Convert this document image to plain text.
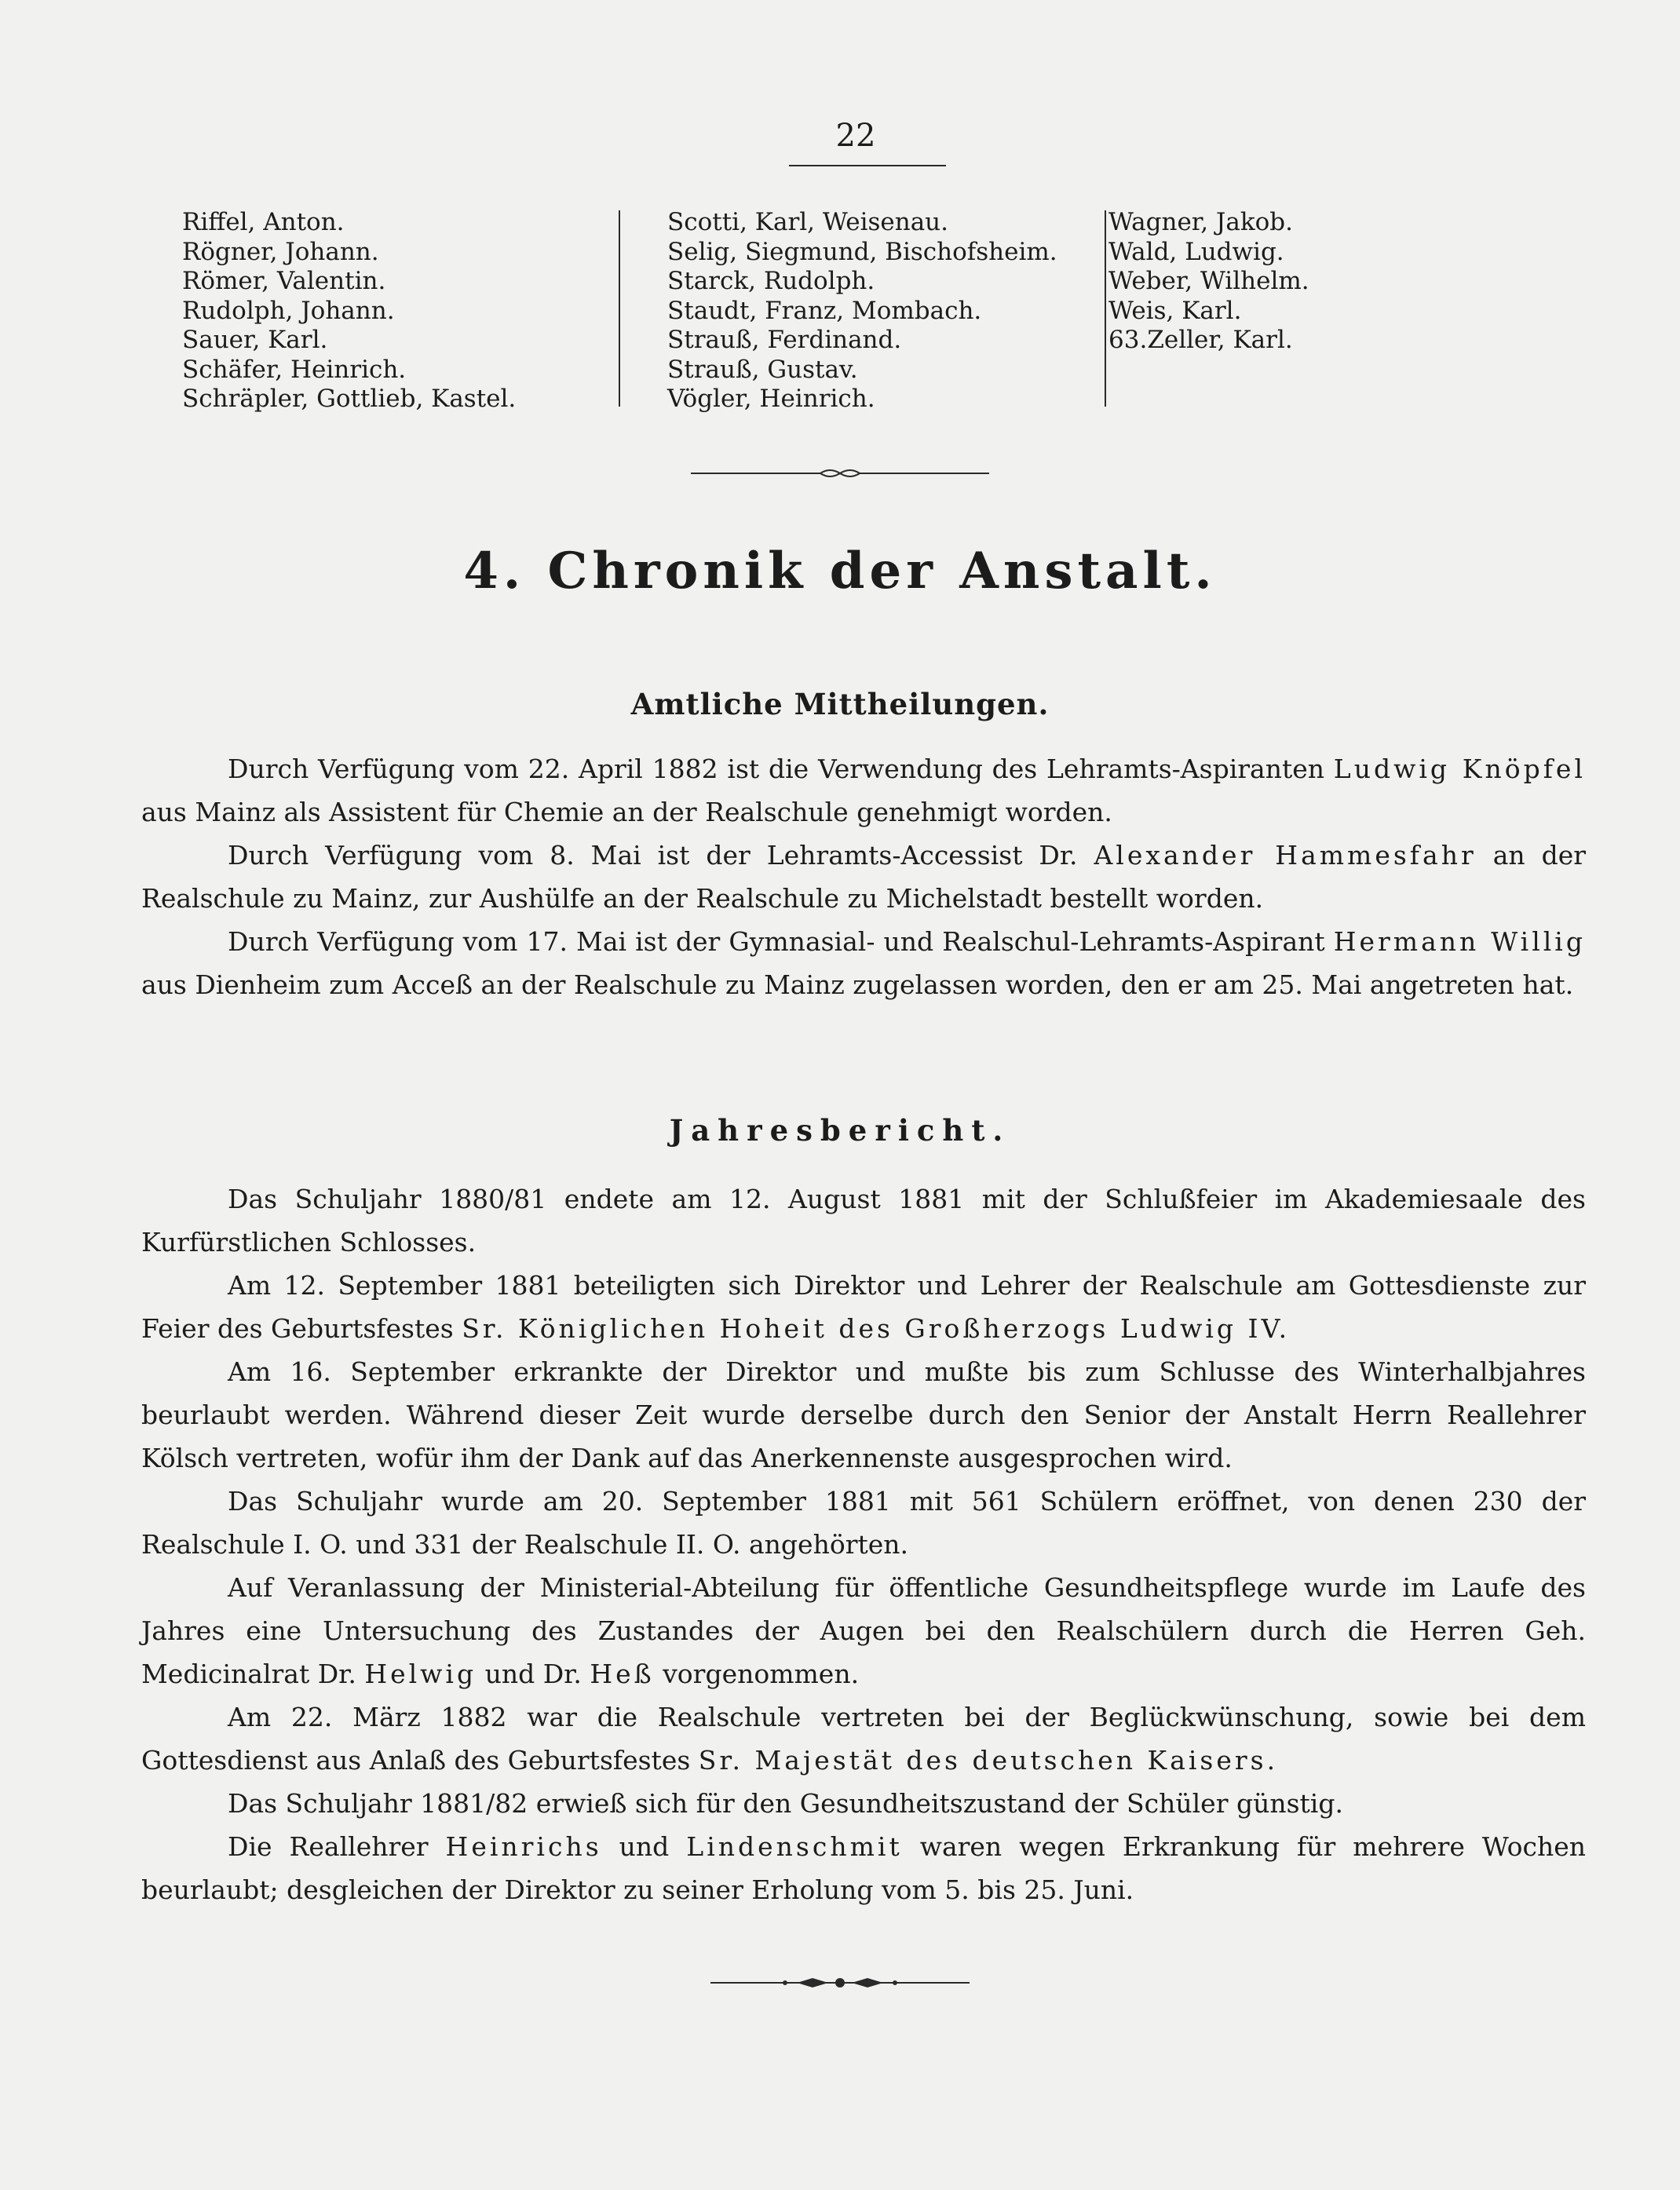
22
Riffel, Anton.
Rögner, Johann.
Römer, Valentin.
Rudolph, Johann.
Sauer, Karl.
Schäfer, Heinrich.
Schräpler, Gottlieb, Kastel.
Scotti, Karl, Weisenau.
Selig, Siegmund, Bischofsheim.
Starck, Rudolph.
Staudt, Franz, Mombach.
Strauß, Ferdinand.
Strauß, Gustav.
Vögler, Heinrich.
Wagner, Jakob.
Wald, Ludwig.
Weber, Wilhelm.
Weis, Karl.
63.Zeller, Karl.
4. Chronik der Anstalt.
Amtliche Mittheilungen.

Durch Verfügung vom 22. April 1882 ist die Verwendung des Lehramts-Aspiranten Ludwig Knöpfel aus Mainz als Assistent für Chemie an der Realschule genehmigt worden.

Durch Verfügung vom 8. Mai ist der Lehramts-Accessist Dr. Alexander Hammesfahr an der Realschule zu Mainz, zur Aushülfe an der Realschule zu Michelstadt bestellt worden.

Durch Verfügung vom 17. Mai ist der Gymnasial- und Realschul-Lehramts-Aspirant Hermann Willig aus Dienheim zum Acceß an der Realschule zu Mainz zugelassen worden, den er am 25. Mai angetreten hat.

Jahresbericht.

Das Schuljahr 1880/81 endete am 12. August 1881 mit der Schlußfeier im Akademiesaale des Kurfürstlichen Schlosses.

Am 12. September 1881 beteiligten sich Direktor und Lehrer der Realschule am Gottesdienste zur Feier des Geburtsfestes Sr. Königlichen Hoheit des Großherzogs Ludwig IV.

Am 16. September erkrankte der Direktor und mußte bis zum Schlusse des Winterhalbjahres beurlaubt werden. Während dieser Zeit wurde derselbe durch den Senior der Anstalt Herrn Reallehrer Kölsch vertreten, wofür ihm der Dank auf das Anerkennenste ausgesprochen wird.

Das Schuljahr wurde am 20. September 1881 mit 561 Schülern eröffnet, von denen 230 der Realschule I. O. und 331 der Realschule II. O. angehörten.

Auf Veranlassung der Ministerial-Abteilung für öffentliche Gesundheitspflege wurde im Laufe des Jahres eine Untersuchung des Zustandes der Augen bei den Realschülern durch die Herren Geh. Medicinalrat Dr. Helwig und Dr. Heß vorgenommen.

Am 22. März 1882 war die Realschule vertreten bei der Beglückwünschung, sowie bei dem Gottesdienst aus Anlaß des Geburtsfestes Sr. Majestät des deutschen Kaisers.

Das Schuljahr 1881/82 erwieß sich für den Gesundheitszustand der Schüler günstig.

Die Reallehrer Heinrichs und Lindenschmit waren wegen Erkrankung für mehrere Wochen beurlaubt; desgleichen der Direktor zu seiner Erholung vom 5. bis 25. Juni.
